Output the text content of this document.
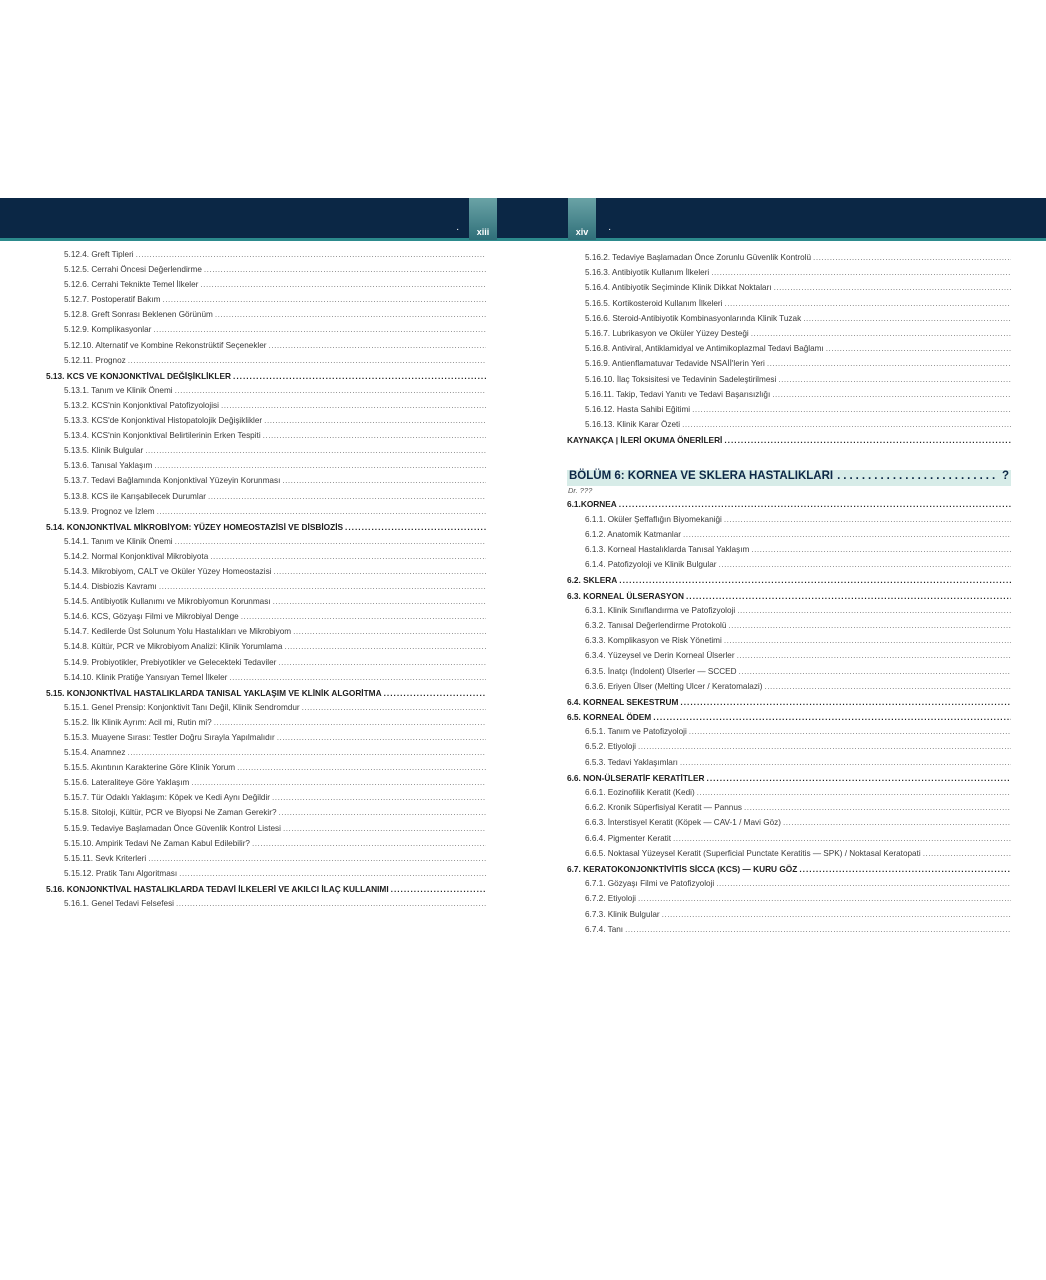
·	xiii	xiv	·
5.12.4. Greft Tipleri
.....
5.12.5. Cerrahi Öncesi Değerlendirme
.....
5.12.6. Cerrahi Teknikte Temel İlkeler
.....
5.12.7. Postoperatif Bakım
.....
5.12.8. Greft Sonrası Beklenen Görünüm
.....
5.12.9. Komplikasyonlar
.....
5.12.10. Alternatif ve Kombine Rekonstrüktif Seçenekler
.....
5.12.11. Prognoz
.....
5.13. KCS VE KONJONKTİVAL DEĞİŞİKLİKLER
.....
5.13.1. Tanım ve Klinik Önemi
.....
5.13.2. KCS'nin Konjonktival Patofizyolojisi
.....
5.13.3. KCS'de Konjonktival Histopatolojik Değişiklikler
.....
5.13.4. KCS'nin Konjonktival Belirtilerinin Erken Tespiti
.....
5.13.5. Klinik Bulgular
.....
5.13.6. Tanısal Yaklaşım
.....
5.13.7. Tedavi Bağlamında Konjonktival Yüzeyin Korunması
.....
5.13.8. KCS ile Karışabilecek Durumlar
.....
5.13.9. Prognoz ve İzlem
.....
5.14. KONJONKTİVAL MİKROBİYOM: YÜZEY HOMEOSTAZİSİ VE DİSBİOZİS
.....
5.14.1. Tanım ve Klinik Önemi
.....
5.14.2. Normal Konjonktival Mikrobiyota
.....
5.14.3. Mikrobiyom, CALT ve Oküler Yüzey Homeostazisi
.....
5.14.4. Disbiozis Kavramı
.....
5.14.5. Antibiyotik Kullanımı ve Mikrobiyomun Korunması
.....
5.14.6. KCS, Gözyaşı Filmi ve Mikrobiyal Denge
.....
5.14.7. Kedilerde Üst Solunum Yolu Hastalıkları ve Mikrobiyom
.....
5.14.8. Kültür, PCR ve Mikrobiyom Analizi: Klinik Yorumlama
.....
5.14.9. Probiyotikler, Prebiyotikler ve Gelecekteki Tedaviler
.....
5.14.10. Klinik Pratiğe Yansıyan Temel İlkeler
.....
5.15. KONJONKTİVAL HASTALIKLARDA TANISAL YAKLAŞIM VE KLİNİK ALGORİTMA
.....
5.15.1. Genel Prensip: Konjonktivit Tanı Değil, Klinik Sendromdur
.....
5.15.2. İlk Klinik Ayrım: Acil mi, Rutin mi?
.....
5.15.3. Muayene Sırası: Testler Doğru Sırayla Yapılmalıdır
.....
5.15.4. Anamnez
.....
5.15.5. Akıntının Karakterine Göre Klinik Yorum
.....
5.15.6. Lateraliteye Göre Yaklaşım
.....
5.15.7. Tür Odaklı Yaklaşım: Köpek ve Kedi Aynı Değildir
.....
5.15.8. Sitoloji, Kültür, PCR ve Biyopsi Ne Zaman Gerekir?
.....
5.15.9. Tedaviye Başlamadan Önce Güvenlik Kontrol Listesi
.....
5.15.10. Ampirik Tedavi Ne Zaman Kabul Edilebilir?
.....
5.15.11. Sevk Kriterleri
.....
5.15.12. Pratik Tanı Algoritması
.....
5.16. KONJONKTİVAL HASTALIKLARDA TEDAVİ İLKELERİ VE AKILCI İLAÇ KULLANIMI
.....
5.16.1. Genel Tedavi Felsefesi
.....
5.16.2. Tedaviye Başlamadan Önce Zorunlu Güvenlik Kontrolü
.....
5.16.3. Antibiyotik Kullanım İlkeleri
.....
5.16.4. Antibiyotik Seçiminde Klinik Dikkat Noktaları
.....
5.16.5. Kortikosteroid Kullanım İlkeleri
.....
5.16.6. Steroid-Antibiyotik Kombinasyonlarında Klinik Tuzak
.....
5.16.7. Lubrikasyon ve Oküler Yüzey Desteği
.....
5.16.8. Antiviral, Antiklamidyal ve Antimikoplazmal Tedavi Bağlamı
.....
5.16.9. Antienflamatuvar Tedavide NSAİİ'lerin Yeri
.....
5.16.10. İlaç Toksisitesi ve Tedavinin Sadeleştirilmesi
.....
5.16.11. Takip, Tedavi Yanıtı ve Tedavi Başarısızlığı
.....
5.16.12. Hasta Sahibi Eğitimi
.....
5.16.13. Klinik Karar Özeti
.....
KAYNAKÇA | İLERİ OKUMA ÖNERİLERİ
.....
BÖLÜM 6: KORNEA VE SKLERA HASTALIKLARI
.....	?
Dr. ???
6.1.KORNEA
.....
6.1.1. Oküler Şeffaflığın Biyomekaniği
.....
6.1.2. Anatomik Katmanlar
.....
6.1.3. Korneal Hastalıklarda Tanısal Yaklaşım
.....
6.1.4. Patofizyoloji ve Klinik Bulgular
.....
6.2. SKLERA
.....
6.3. KORNEAL ÜLSERASYON
.....
6.3.1. Klinik Sınıflandırma ve Patofizyoloji
.....
6.3.2. Tanısal Değerlendirme Protokolü
.....
6.3.3. Komplikasyon ve Risk Yönetimi
.....
6.3.4. Yüzeysel ve Derin Korneal Ülserler
.....
6.3.5. İnatçı (İndolent) Ülserler — SCCED
.....
6.3.6. Eriyen Ülser (Melting Ulcer / Keratomalazi)
.....
6.4. KORNEAL SEKESTRUM
.....
6.5. KORNEAL ÖDEM
.....
6.5.1. Tanım ve Patofizyoloji
.....
6.5.2. Etiyoloji
.....
6.5.3. Tedavi Yaklaşımları
.....
6.6. NON-ÜLSERATİF KERATİTLER
.....
6.6.1. Eozinofilik Keratit (Kedi)
.....
6.6.2. Kronik Süperfisiyal Keratit — Pannus
.....
6.6.3. İnterstisyel Keratit (Köpek — CAV-1 / Mavi Göz)
.....
6.6.4. Pigmenter Keratit
.....
6.6.5. Noktasal Yüzeysel Keratit (Superficial Punctate Keratitis — SPK) / Noktasal Keratopati
.....
6.7. KERATOKONJONKTİVİTİS SİCCA (KCS) — KURU GÖZ
.....
6.7.1. Gözyaşı Filmi ve Patofizyoloji
.....
6.7.2. Etiyoloji
.....
6.7.3. Klinik Bulgular
.....
6.7.4. Tanı
.....
